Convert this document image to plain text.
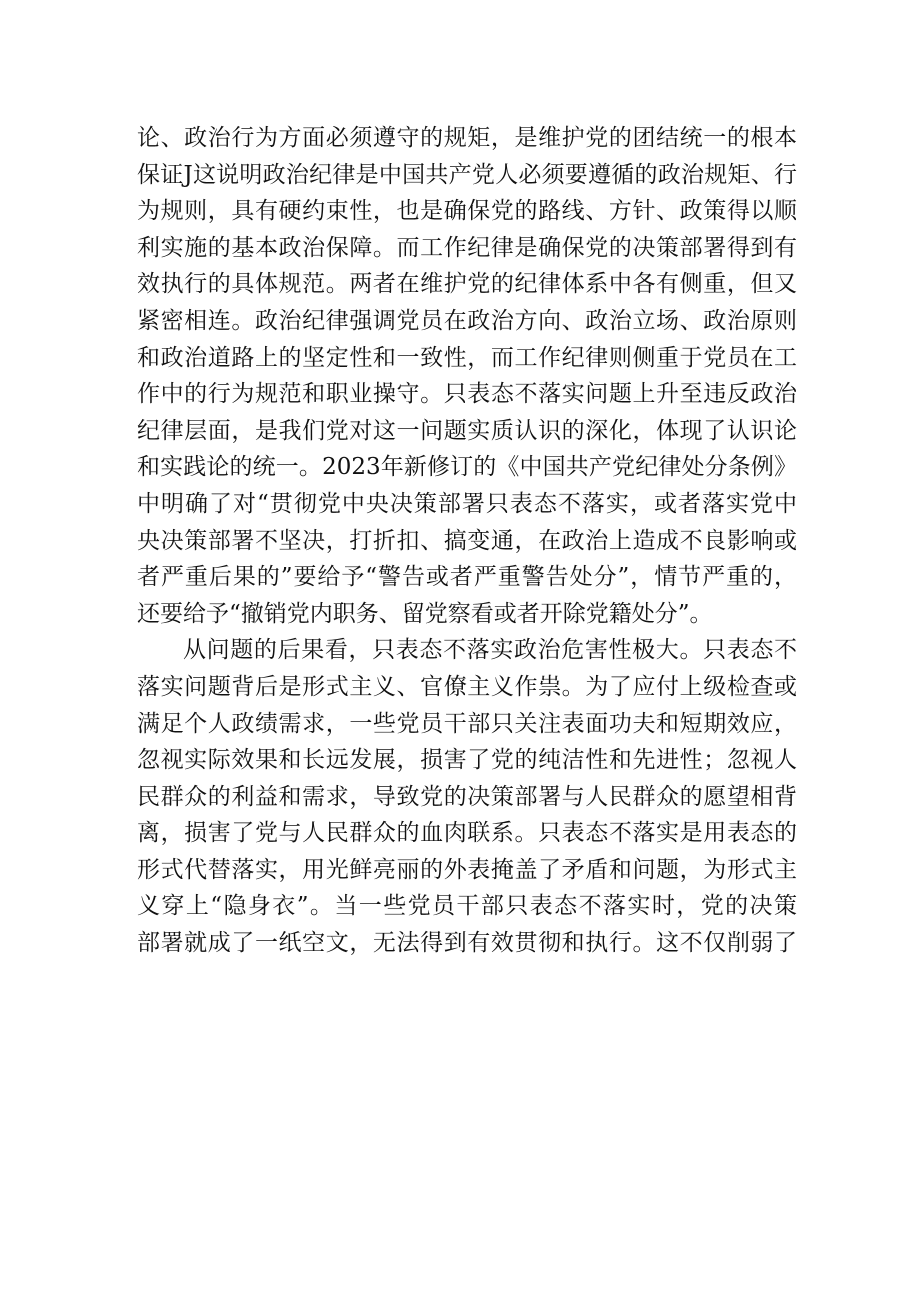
论、政治行为方面必须遵守的规矩，是维护党的团结统一的根本
保证J这说明政治纪律是中国共产党人必须要遵循的政治规矩、行
为规则，具有硬约束性，也是确保党的路线、方针、政策得以顺
利实施的基本政治保障。而工作纪律是确保党的决策部署得到有
效执行的具体规范。两者在维护党的纪律体系中各有侧重，但又
紧密相连。政治纪律强调党员在政治方向、政治立场、政治原则
和政治道路上的坚定性和一致性，而工作纪律则侧重于党员在工
作中的行为规范和职业操守。只表态不落实问题上升至违反政治
纪律层面，是我们党对这一问题实质认识的深化，体现了认识论
和实践论的统一。2023年新修订的《中国共产党纪律处分条例》
中明确了对“贯彻党中央决策部署只表态不落实，或者落实党中
央决策部署不坚决，打折扣、搞变通，在政治上造成不良影响或
者严重后果的”要给予“警告或者严重警告处分”，情节严重的，
还要给予“撤销党内职务、留党察看或者开除党籍处分”。
从问题的后果看，只表态不落实政治危害性极大。只表态不
落实问题背后是形式主义、官僚主义作祟。为了应付上级检查或
满足个人政绩需求，一些党员干部只关注表面功夫和短期效应，
忽视实际效果和长远发展，损害了党的纯洁性和先进性；忽视人
民群众的利益和需求，导致党的决策部署与人民群众的愿望相背
离，损害了党与人民群众的血肉联系。只表态不落实是用表态的
形式代替落实，用光鲜亮丽的外表掩盖了矛盾和问题，为形式主
义穿上“隐身衣”。当一些党员干部只表态不落实时，党的决策
部署就成了一纸空文，无法得到有效贯彻和执行。这不仅削弱了
